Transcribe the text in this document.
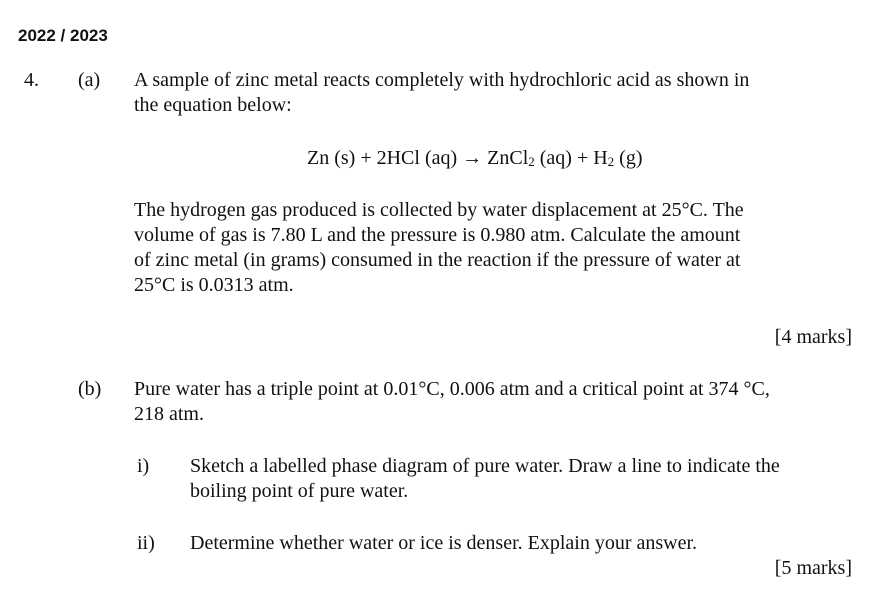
2022 / 2023
4. (a) A sample of zinc metal reacts completely with hydrochloric acid as shown in
the equation below:
Zn (s) + 2HCl (aq) → ZnCl$_2$ $(aq) + H_2$ (g)
The hydrogen gas produced is collected by water displacement at 25°C. The
volume of gas is 7.80 L and the pressure is 0.980 atm. Calculate the amount
of zinc metal (in grams) consumed in the reaction if the pressure of water at
25°C is 0.0313 atm.
[4 marks]
(b) Pure water has a triple point at 0.01°C, 0.006 atm and a critical point at 374 °C,
218 atm.
i) Sketch a labelled phase diagram of pure water. Draw a line to indicate the
boiling point of pure water.
ii) Determine whether water or ice is denser. Explain your answer.
[5 marks]
